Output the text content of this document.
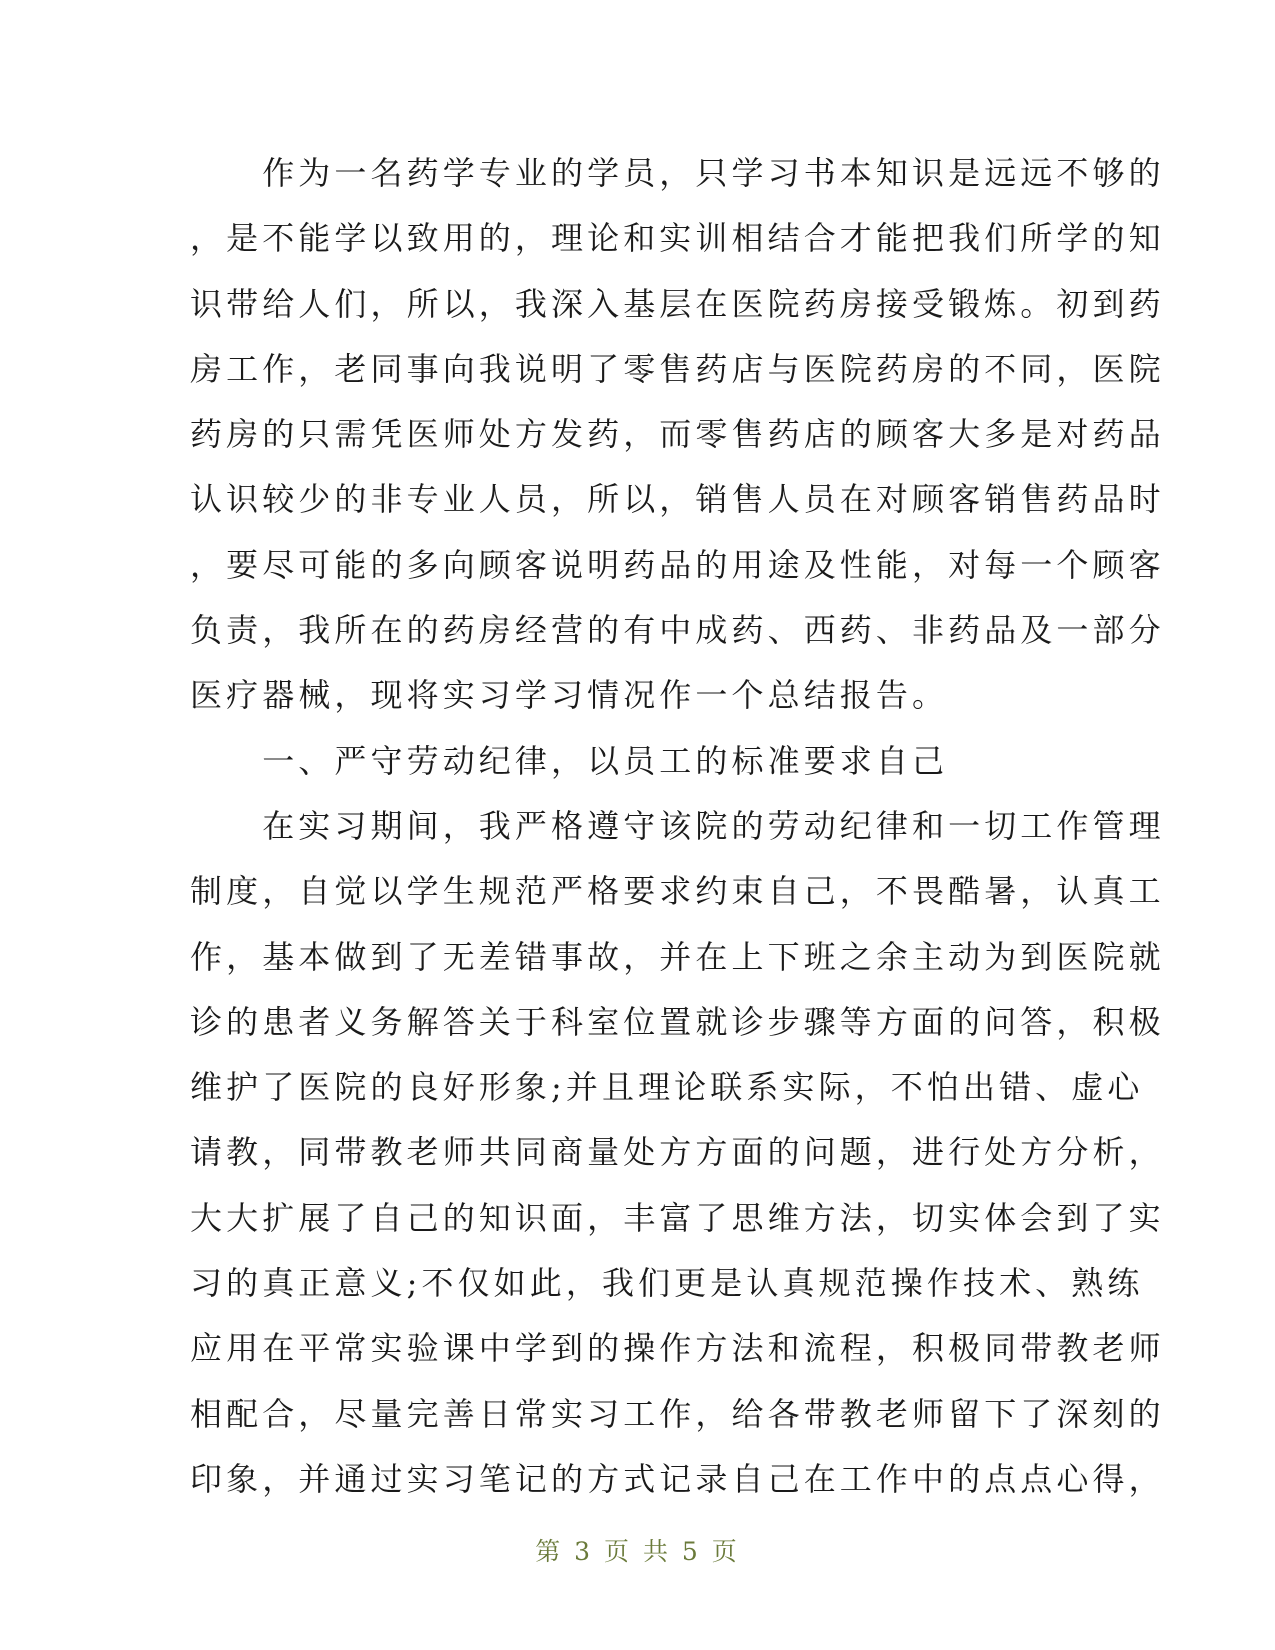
　　作为一名药学专业的学员，只学习书本知识是远远不够的
，是不能学以致用的，理论和实训相结合才能把我们所学的知
识带给人们，所以，我深入基层在医院药房接受锻炼。初到药
房工作，老同事向我说明了零售药店与医院药房的不同，医院
药房的只需凭医师处方发药，而零售药店的顾客大多是对药品
认识较少的非专业人员，所以，销售人员在对顾客销售药品时
，要尽可能的多向顾客说明药品的用途及性能，对每一个顾客
负责，我所在的药房经营的有中成药、西药、非药品及一部分
医疗器械，现将实习学习情况作一个总结报告。
　　一、严守劳动纪律，以员工的标准要求自己
　　在实习期间，我严格遵守该院的劳动纪律和一切工作管理
制度，自觉以学生规范严格要求约束自己，不畏酷暑，认真工
作，基本做到了无差错事故，并在上下班之余主动为到医院就
诊的患者义务解答关于科室位置就诊步骤等方面的问答，积极
维护了医院的良好形象;并且理论联系实际，不怕出错、虚心
请教，同带教老师共同商量处方方面的问题，进行处方分析，
大大扩展了自己的知识面，丰富了思维方法，切实体会到了实
习的真正意义;不仅如此，我们更是认真规范操作技术、熟练
应用在平常实验课中学到的操作方法和流程，积极同带教老师
相配合，尽量完善日常实习工作，给各带教老师留下了深刻的
印象，并通过实习笔记的方式记录自己在工作中的点点心得，
第 3 页 共 5 页
